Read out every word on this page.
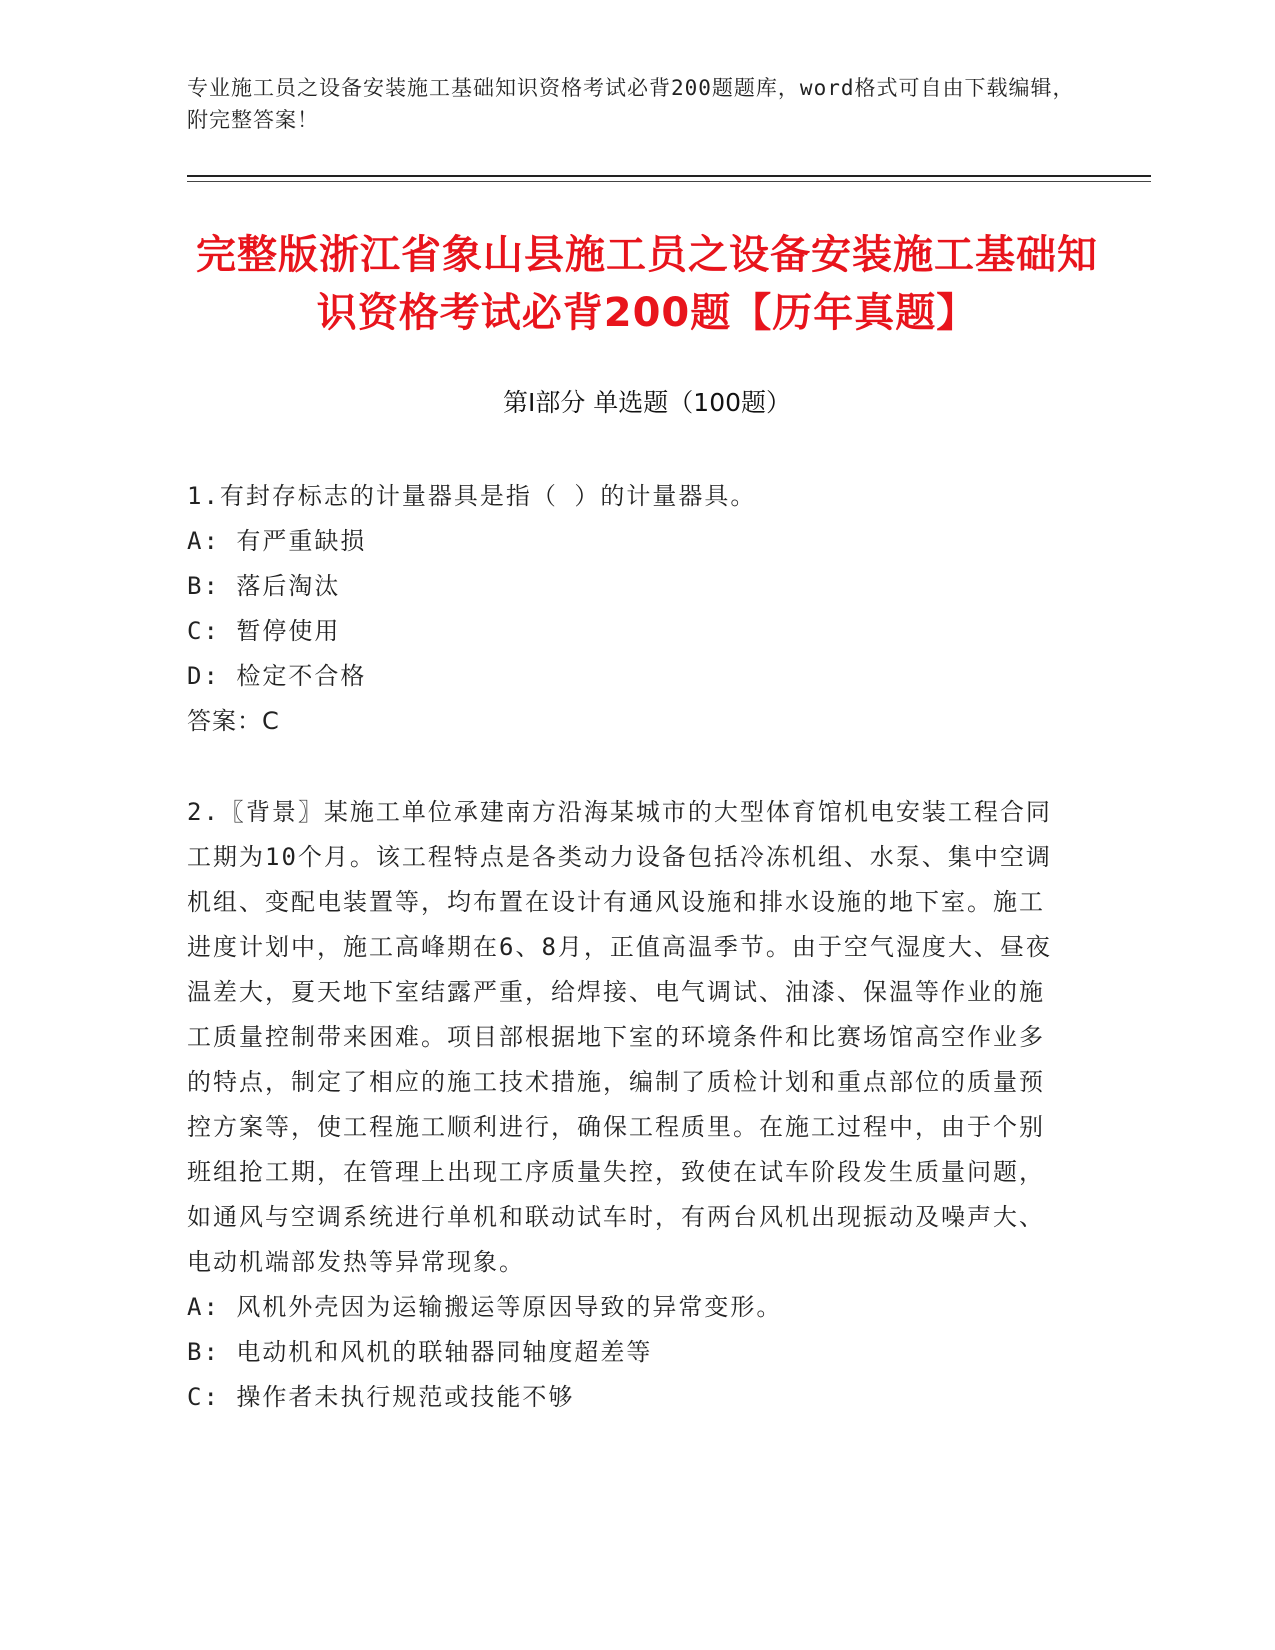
专业施工员之设备安装施工基础知识资格考试必背200题题库，word格式可自由下载编辑，附完整答案！
完整版浙江省象山县施工员之设备安装施工基础知识资格考试必背200题【历年真题】
第Ⅰ部分 单选题（100题）
1.有封存标志的计量器具是指（ ）的计量器具。
A: 有严重缺损
B: 落后淘汰
C: 暂停使用
D: 检定不合格
答案：C
2.〖背景〗某施工单位承建南方沿海某城市的大型体育馆机电安装工程合同工期为10个月。该工程特点是各类动力设备包括冷冻机组、水泵、集中空调机组、变配电装置等，均布置在设计有通风设施和排水设施的地下室。施工进度计划中，施工高峰期在6、8月，正值高温季节。由于空气湿度大、昼夜温差大，夏天地下室结露严重，给焊接、电气调试、油漆、保温等作业的施工质量控制带来困难。项目部根据地下室的环境条件和比赛场馆高空作业多的特点，制定了相应的施工技术措施，编制了质检计划和重点部位的质量预控方案等，使工程施工顺利进行，确保工程质里。在施工过程中，由于个别班组抢工期，在管理上出现工序质量失控，致使在试车阶段发生质量问题，如通风与空调系统进行单机和联动试车时，有两台风机出现振动及噪声大、电动机端部发热等异常现象。
A: 风机外壳因为运输搬运等原因导致的异常变形。
B: 电动机和风机的联轴器同轴度超差等
C: 操作者未执行规范或技能不够
